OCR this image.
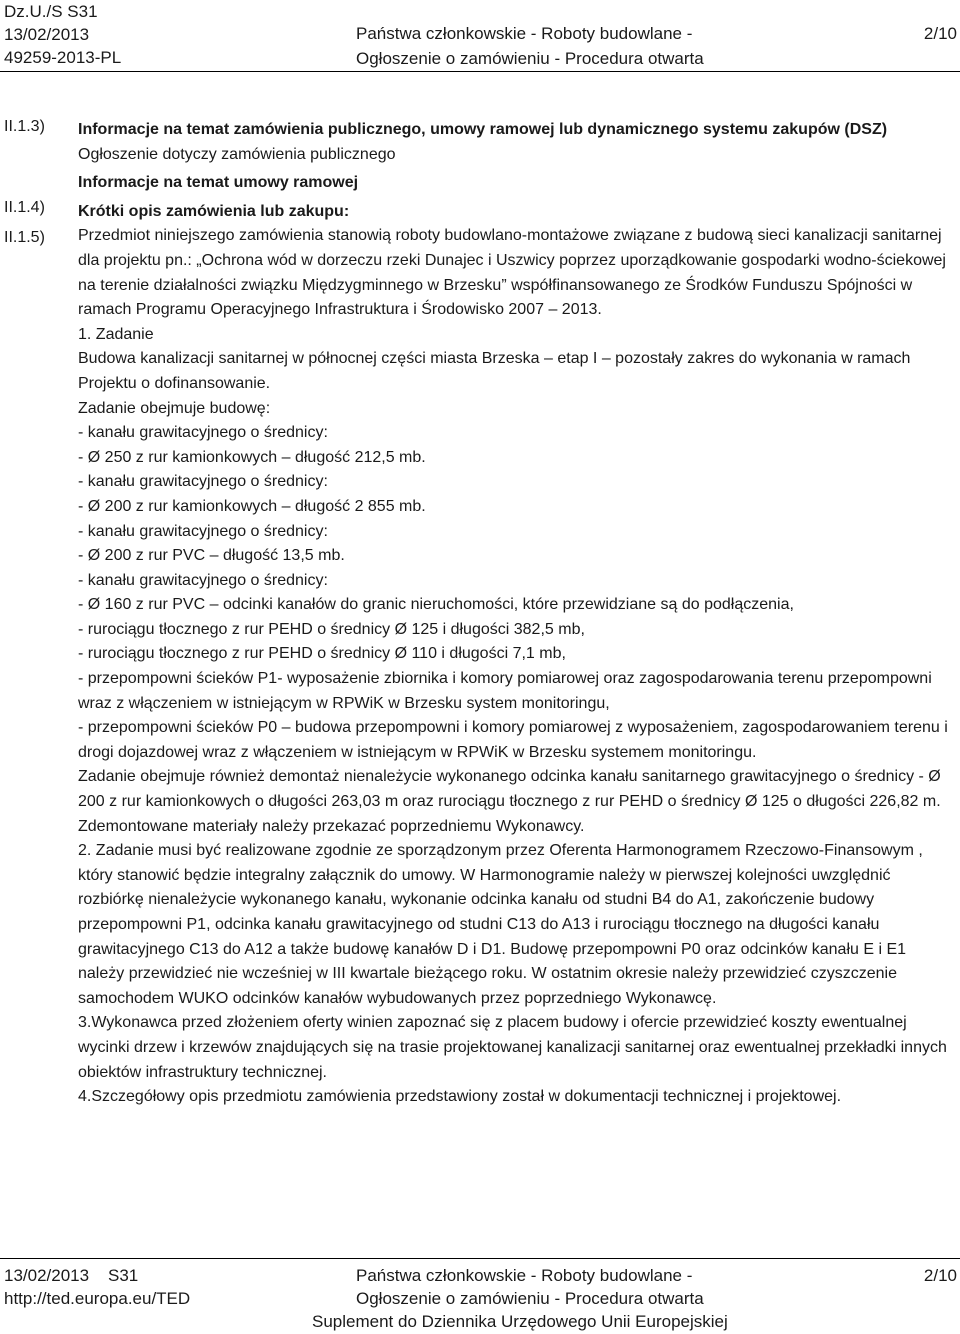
Dz.U./S S31
13/02/2013
49259-2013-PL
Państwa członkowskie - Roboty budowlane -
Ogłoszenie o zamówieniu - Procedura otwarta
2/10
II.1.3)
II.1.4)
II.1.5)

Informacje na temat zamówienia publicznego, umowy ramowej lub dynamicznego systemu zakupów (DSZ)

Ogłoszenie dotyczy zamówienia publicznego

Informacje na temat umowy ramowej

Krótki opis zamówienia lub zakupu:

Przedmiot niniejszego zamówienia stanowią roboty budowlano-montażowe związane z budową sieci kanalizacji sanitarnej dla projektu pn.: „Ochrona wód w dorzeczu rzeki Dunajec i Uszwicy poprzez uporządkowanie gospodarki wodno-ściekowej na terenie działalności związku Międzygminnego w Brzesku” współfinansowanego ze Środków Funduszu Spójności w ramach Programu Operacyjnego Infrastruktura i Środowisko 2007 – 2013.

1. Zadanie

Budowa kanalizacji sanitarnej w północnej części miasta Brzeska – etap I – pozostały zakres do wykonania w ramach Projektu o dofinansowanie.

Zadanie obejmuje budowę:

- kanału grawitacyjnego o średnicy:

- Ø 250 z rur kamionkowych – długość 212,5 mb.

- kanału grawitacyjnego o średnicy:

- Ø 200 z rur kamionkowych – długość 2 855 mb.

- kanału grawitacyjnego o średnicy:

- Ø 200 z rur PVC – długość 13,5 mb.

- kanału grawitacyjnego o średnicy:

- Ø 160 z rur PVC – odcinki kanałów do granic nieruchomości, które przewidziane są do podłączenia,

- rurociągu tłocznego z rur PEHD o średnicy Ø 125 i długości 382,5 mb,

- rurociągu tłocznego z rur PEHD o średnicy Ø 110 i długości 7,1 mb,

- przepompowni ścieków P1- wyposażenie zbiornika i komory pomiarowej oraz zagospodarowania terenu przepompowni wraz z włączeniem w istniejącym w RPWiK w Brzesku system monitoringu,

- przepompowni ścieków P0 – budowa przepompowni i komory pomiarowej z wyposażeniem, zagospodarowaniem terenu i drogi dojazdowej wraz z włączeniem w istniejącym w RPWiK w Brzesku systemem monitoringu.

Zadanie obejmuje również demontaż nienależycie wykonanego odcinka kanału sanitarnego grawitacyjnego o średnicy - Ø 200 z rur kamionkowych o długości 263,03 m oraz rurociągu tłocznego z rur PEHD o średnicy Ø 125 o długości 226,82 m. Zdemontowane materiały należy przekazać poprzedniemu Wykonawcy.

2. Zadanie musi być realizowane zgodnie ze sporządzonym przez Oferenta Harmonogramem Rzeczowo-Finansowym , który stanowić będzie integralny załącznik do umowy. W Harmonogramie należy w pierwszej kolejności uwzględnić rozbiórkę nienależycie wykonanego kanału, wykonanie odcinka kanału od studni B4 do A1, zakończenie budowy przepompowni P1, odcinka kanału grawitacyjnego od studni C13 do A13 i rurociągu tłocznego na długości kanału grawitacyjnego C13 do A12 a także budowę kanałów D i D1. Budowę przepompowni P0 oraz odcinków kanału E i E1 należy przewidzieć nie wcześniej w III kwartale bieżącego roku. W ostatnim okresie należy przewidzieć czyszczenie samochodem WUKO odcinków kanałów wybudowanych przez poprzedniego Wykonawcę.

3.Wykonawca przed złożeniem oferty winien zapoznać się z placem budowy i ofercie przewidzieć koszty ewentualnej wycinki drzew i krzewów znajdujących się na trasie projektowanej kanalizacji sanitarnej oraz ewentualnej przekładki innych obiektów infrastruktury technicznej.

4.Szczegółowy opis przedmiotu zamówienia przedstawiony został w dokumentacji technicznej i projektowej.

13/02/2013    S31
http://ted.europa.eu/TED
Państwa członkowskie - Roboty budowlane -
Ogłoszenie o zamówieniu - Procedura otwarta
Suplement do Dziennika Urzędowego Unii Europejskiej
2/10
